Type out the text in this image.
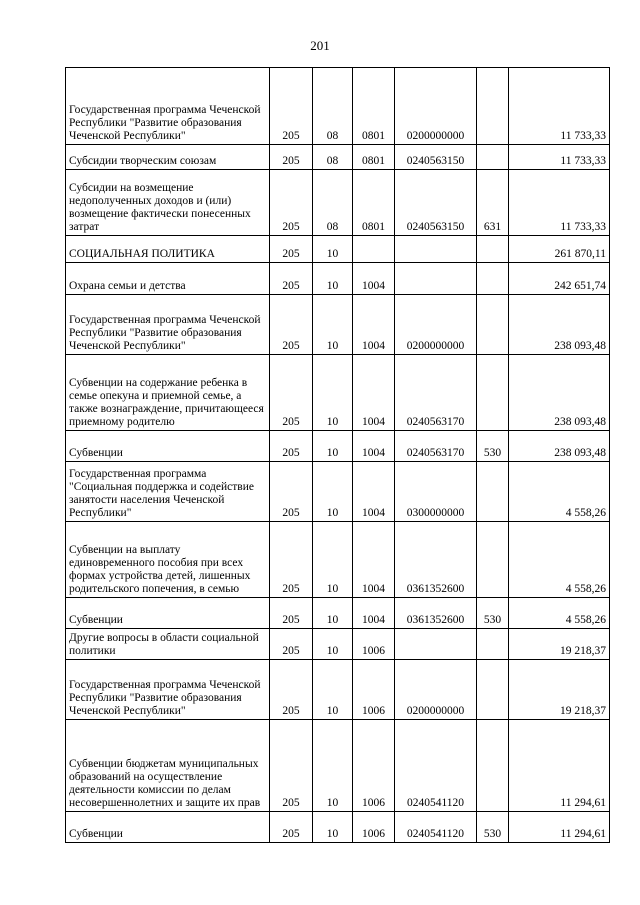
201
Государственная программа Чеченской Республики "Развитие образования Чеченской Республики"	205	08	0801	0200000000		11 733,33
Субсидии творческим союзам	205	08	0801	0240563150		11 733,33
Субсидии на возмещение недополученных доходов и (или) возмещение фактически понесенных затрат	205	08	0801	0240563150	631	11 733,33
СОЦИАЛЬНАЯ ПОЛИТИКА	205	10				261 870,11
Охрана семьи и детства	205	10	1004			242 651,74
Государственная программа Чеченской Республики "Развитие образования Чеченской Республики"	205	10	1004	0200000000		238 093,48
Субвенции на содержание ребенка в семье опекуна и приемной семье, а также вознаграждение, причитающееся приемному родителю	205	10	1004	0240563170		238 093,48
Субвенции	205	10	1004	0240563170	530	238 093,48
Государственная программа "Социальная поддержка и содействие занятости населения Чеченской Республики"	205	10	1004	0300000000		4 558,26
Субвенции на выплату единовременного пособия при всех формах устройства детей, лишенных родительского попечения, в семью	205	10	1004	0361352600		4 558,26
Субвенции	205	10	1004	0361352600	530	4 558,26
Другие вопросы в области социальной политики	205	10	1006			19 218,37
Государственная программа Чеченской Республики "Развитие образования Чеченской Республики"	205	10	1006	0200000000		19 218,37
Субвенции бюджетам муниципальных образований на осуществление деятельности комиссии по делам несовершеннолетних и защите их прав	205	10	1006	0240541120		11 294,61
Субвенции	205	10	1006	0240541120	530	11 294,61
